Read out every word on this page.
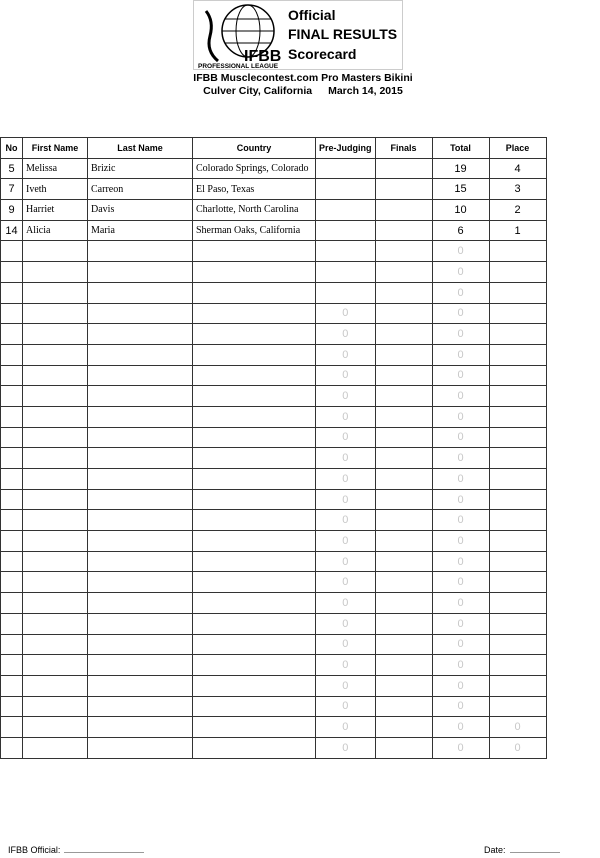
IFBB
PROFESSIONAL LEAGUE
Official
FINAL RESULTS
Scorecard
IFBB Musclecontest.com Pro Masters Bikini
Culver City, California March 14, 2015
No	First Name	Last Name	Country	Pre-Judging	Finals	Total	Place
5	Melissa	Brizic	Colorado Springs, Colorado			19	4
7	Iveth	Carreon	El Paso, Texas			15	3
9	Harriet	Davis	Charlotte, North Carolina			10	2
14	Alicia	Maria	Sherman Oaks, California			6	1
						0	
						0	
						0	
				0		0	
				0		0	
				0		0	
				0		0	
				0		0	
				0		0	
				0		0	
				0		0	
				0		0	
				0		0	
				0		0	
				0		0	
				0		0	
				0		0	
				0		0	
				0		0	
				0		0	
				0		0	
				0		0	
				0		0	
				0		0	0
				0		0	0
IFBB Official:	Date:
